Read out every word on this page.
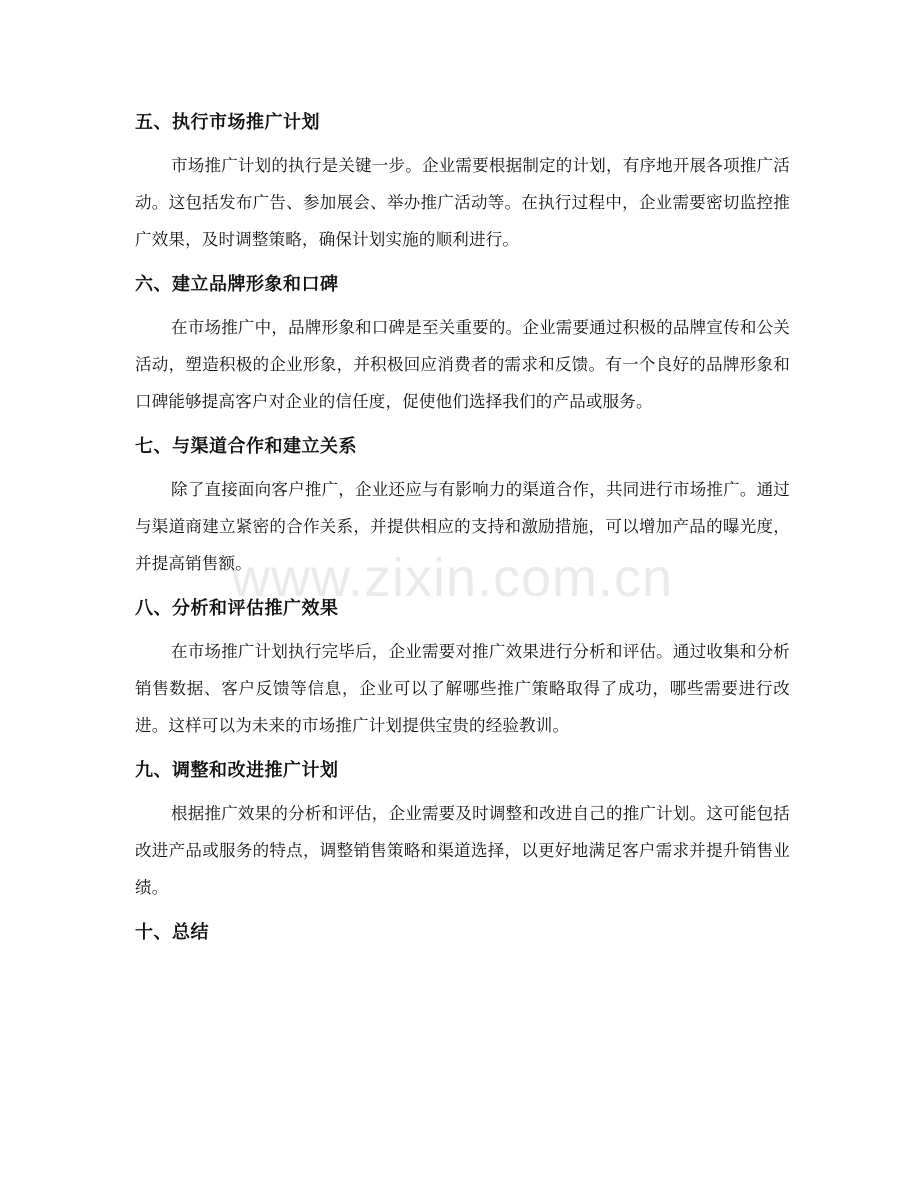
www.zixin.com.cn
五、执行市场推广计划

市场推广计划的执行是关键一步。企业需要根据制定的计划，有序地开展各项推广活动。这包括发布广告、参加展会、举办推广活动等。在执行过程中，企业需要密切监控推广效果，及时调整策略，确保计划实施的顺利进行。

六、建立品牌形象和口碑

在市场推广中，品牌形象和口碑是至关重要的。企业需要通过积极的品牌宣传和公关活动，塑造积极的企业形象，并积极回应消费者的需求和反馈。有一个良好的品牌形象和口碑能够提高客户对企业的信任度，促使他们选择我们的产品或服务。

七、与渠道合作和建立关系

除了直接面向客户推广，企业还应与有影响力的渠道合作，共同进行市场推广。通过与渠道商建立紧密的合作关系，并提供相应的支持和激励措施，可以增加产品的曝光度，并提高销售额。

八、分析和评估推广效果

在市场推广计划执行完毕后，企业需要对推广效果进行分析和评估。通过收集和分析销售数据、客户反馈等信息，企业可以了解哪些推广策略取得了成功，哪些需要进行改进。这样可以为未来的市场推广计划提供宝贵的经验教训。

九、调整和改进推广计划

根据推广效果的分析和评估，企业需要及时调整和改进自己的推广计划。这可能包括改进产品或服务的特点，调整销售策略和渠道选择，以更好地满足客户需求并提升销售业绩。

十、总结
